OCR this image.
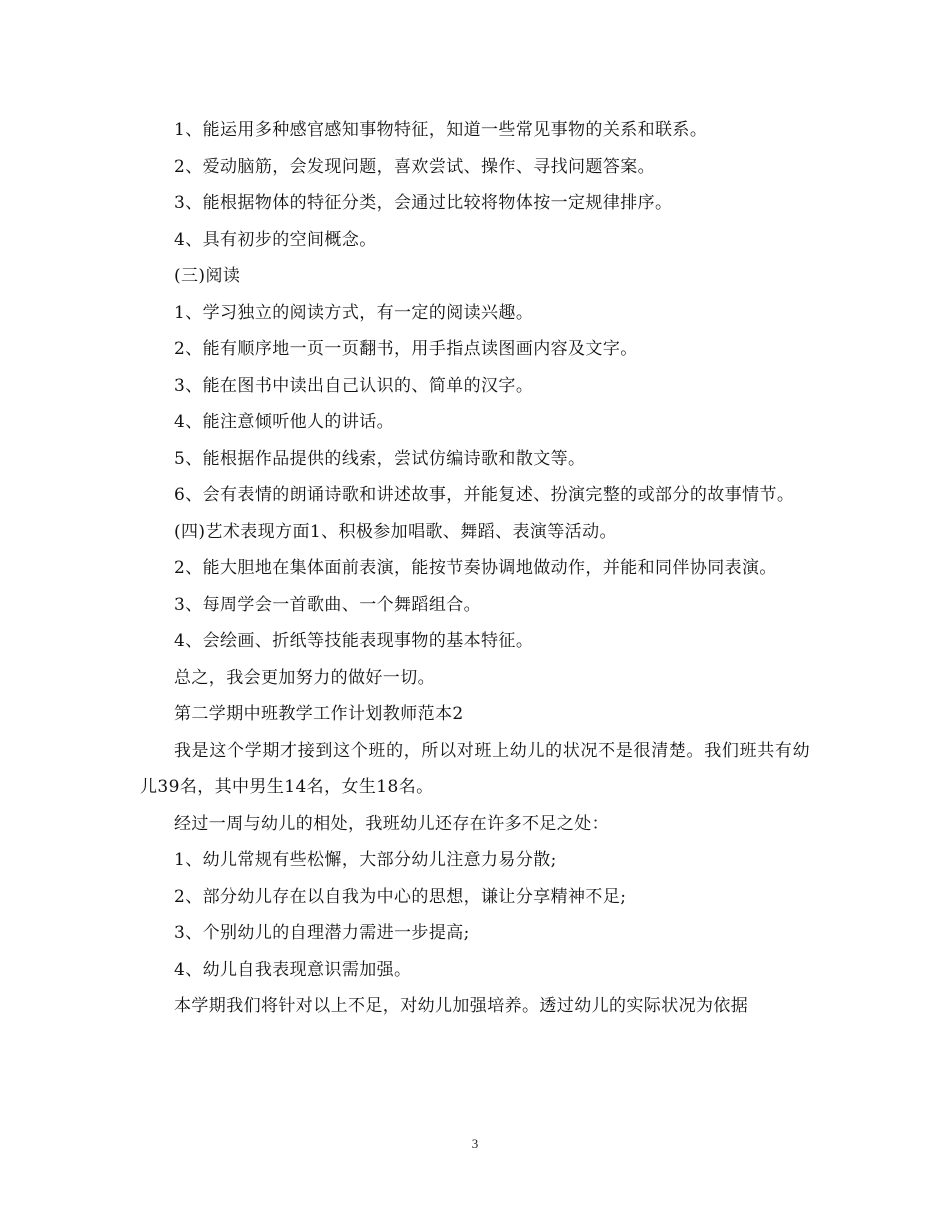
1、能运用多种感官感知事物特征，知道一些常见事物的关系和联系。

2、爱动脑筋，会发现问题，喜欢尝试、操作、寻找问题答案。

3、能根据物体的特征分类，会通过比较将物体按一定规律排序。

4、具有初步的空间概念。

(三)阅读

1、学习独立的阅读方式，有一定的阅读兴趣。

2、能有顺序地一页一页翻书，用手指点读图画内容及文字。

3、能在图书中读出自己认识的、简单的汉字。

4、能注意倾听他人的讲话。

5、能根据作品提供的线索，尝试仿编诗歌和散文等。

6、会有表情的朗诵诗歌和讲述故事，并能复述、扮演完整的或部分的故事情节。

(四)艺术表现方面1、积极参加唱歌、舞蹈、表演等活动。

2、能大胆地在集体面前表演，能按节奏协调地做动作，并能和同伴协同表演。

3、每周学会一首歌曲、一个舞蹈组合。

4、会绘画、折纸等技能表现事物的基本特征。

总之，我会更加努力的做好一切。

第二学期中班教学工作计划教师范本2

我是这个学期才接到这个班的，所以对班上幼儿的状况不是很清楚。我们班共有幼儿39名，其中男生14名，女生18名。

经过一周与幼儿的相处，我班幼儿还存在许多不足之处：

1、幼儿常规有些松懈，大部分幼儿注意力易分散;

2、部分幼儿存在以自我为中心的思想，谦让分享精神不足;

3、个别幼儿的自理潜力需进一步提高;

4、幼儿自我表现意识需加强。

本学期我们将针对以上不足，对幼儿加强培养。透过幼儿的实际状况为依据

3
